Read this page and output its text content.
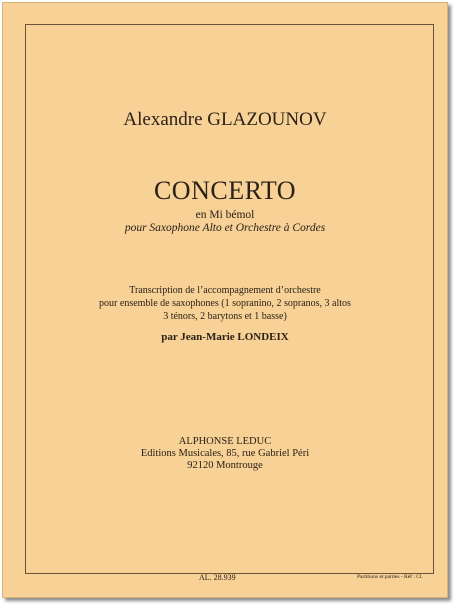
Alexandre GLAZOUNOV
CONCERTO
en Mi bémol
pour Saxophone Alto et Orchestre à Cordes
Transcription de l’accompagnement d’orchestre
pour ensemble de saxophones (1 sopranino, 2 sopranos, 3 altos
3 ténors, 2 barytons et 1 basse)
par Jean-Marie LONDEIX
ALPHONSE LEDUC
Editions Musicales, 85, rue Gabriel Péri
92120 Montrouge
AL. 28.939	Partitions et parties - Réf : Cl.
